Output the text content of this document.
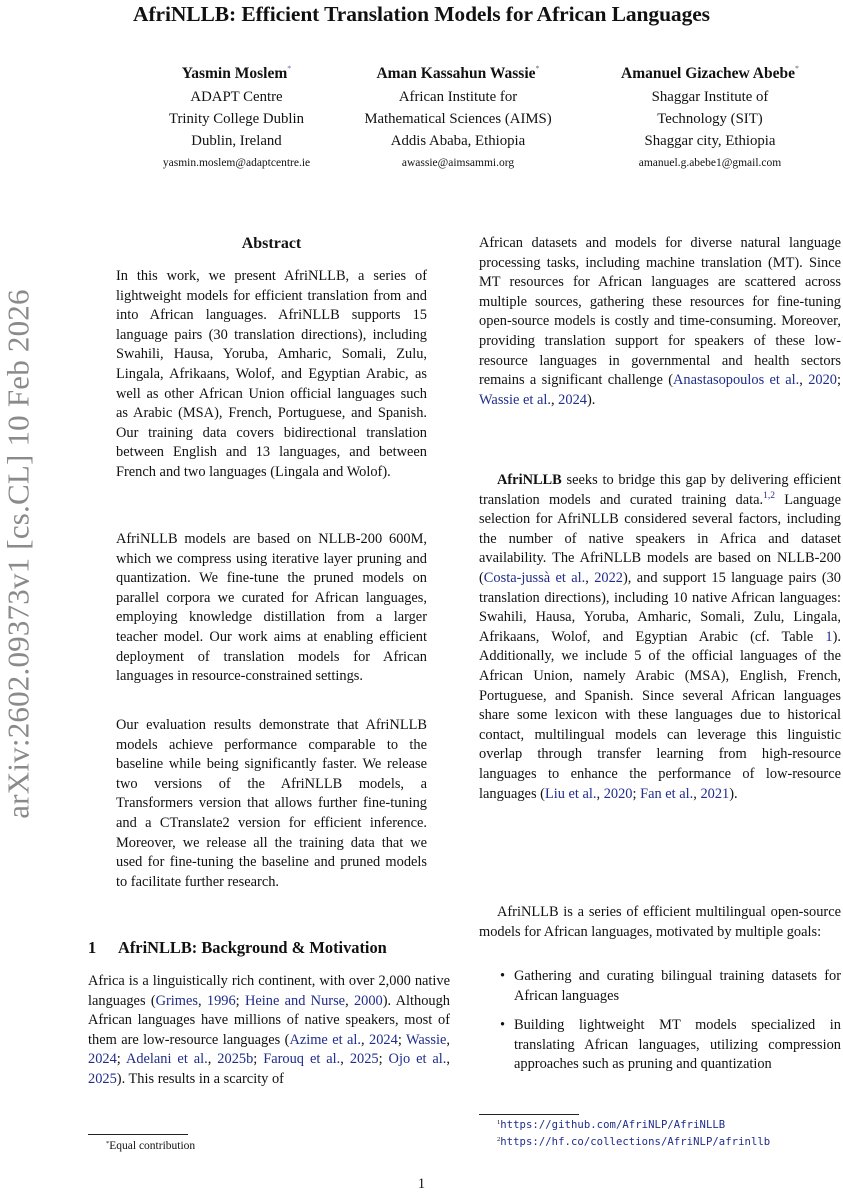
AfriNLLB: Efficient Translation Models for African Languages
Yasmin Moslem*
ADAPT Centre
Trinity College Dublin
Dublin, Ireland
yasmin.moslem@adaptcentre.ie
Aman Kassahun Wassie*
African Institute for
Mathematical Sciences (AIMS)
Addis Ababa, Ethiopia
awassie@aimsammi.org
Amanuel Gizachew Abebe*
Shaggar Institute of
Technology (SIT)
Shaggar city, Ethiopia
amanuel.g.abebe1@gmail.com
arXiv:2602.09373v1 [cs.CL] 10 Feb 2026
Abstract

In this work, we present AfriNLLB, a series of lightweight models for efficient translation from and into African languages. AfriNLLB supports 15 language pairs (30 translation directions), including Swahili, Hausa, Yoruba, Amharic, Somali, Zulu, Lingala, Afrikaans, Wolof, and Egyptian Arabic, as well as other African Union official languages such as Arabic (MSA), French, Portuguese, and Spanish. Our training data covers bidirectional translation between English and 13 languages, and between French and two languages (Lingala and Wolof).

AfriNLLB models are based on NLLB-200 600M, which we compress using iterative layer pruning and quantization. We fine-tune the pruned models on parallel corpora we curated for African languages, employing knowledge distillation from a larger teacher model. Our work aims at enabling efficient deployment of translation models for African languages in resource-constrained settings.

Our evaluation results demonstrate that AfriNLLB models achieve performance comparable to the baseline while being significantly faster. We release two versions of the AfriNLLB models, a Transformers version that allows further fine-tuning and a CTranslate2 version for efficient inference. Moreover, we release all the training data that we used for fine-tuning the baseline and pruned models to facilitate further research.

1 AfriNLLB: Background & Motivation

Africa is a linguistically rich continent, with over 2,000 native languages (Grimes, 1996; Heine and Nurse, 2000). Although African languages have millions of native speakers, most of them are low-resource languages (Azime et al., 2024; Wassie, 2024; Adelani et al., 2025b; Farouq et al., 2025; Ojo et al., 2025). This results in a scarcity of

*Equal contribution

African datasets and models for diverse natural language processing tasks, including machine translation (MT). Since MT resources for African languages are scattered across multiple sources, gathering these resources for fine-tuning open-source models is costly and time-consuming. Moreover, providing translation support for speakers of these low-resource languages in governmental and health sectors remains a significant challenge (Anastasopoulos et al., 2020; Wassie et al., 2024).

AfriNLLB seeks to bridge this gap by delivering efficient translation models and curated training data.$^{1,2}$ Language selection for AfriNLLB considered several factors, including the number of native speakers in Africa and dataset availability. The AfriNLLB models are based on NLLB-200 (Costa-jussà et al., 2022), and support 15 language pairs (30 translation directions), including 10 native African languages: Swahili, Hausa, Yoruba, Amharic, Somali, Zulu, Lingala, Afrikaans, Wolof, and Egyptian Arabic (cf. Table 1). Additionally, we include 5 of the official languages of the African Union, namely Arabic (MSA), English, French, Portuguese, and Spanish. Since several African languages share some lexicon with these languages due to historical contact, multilingual models can leverage this linguistic overlap through transfer learning from high-resource languages to enhance the performance of low-resource languages (Liu et al., 2020; Fan et al., 2021).

AfriNLLB is a series of efficient multilingual open-source models for African languages, motivated by multiple goals:

• Gathering and curating bilingual training datasets for African languages
• Building lightweight MT models specialized in translating African languages, utilizing compression approaches such as pruning and quantization
$^1$https://github.com/AfriNLP/AfriNLLB
$^2$https://hf.co/collections/AfriNLP/afrinllb
1
